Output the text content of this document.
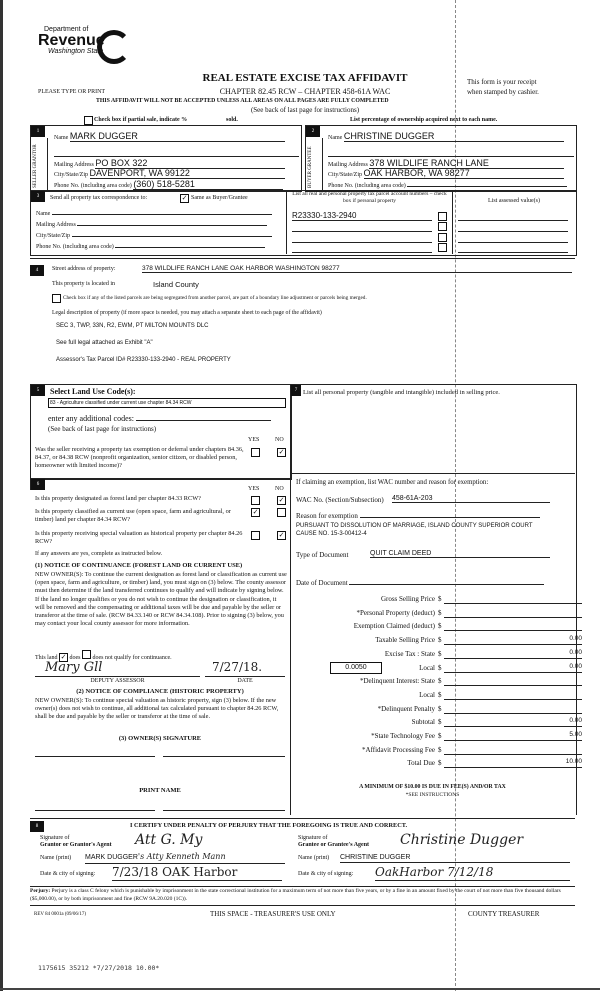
Department of
Revenue
Washington State
REAL ESTATE EXCISE TAX AFFIDAVIT
PLEASE TYPE OR PRINT	CHAPTER 82.45 RCW – CHAPTER 458-61A WAC
This form is your receipt
when stamped by cashier.
THIS AFFIDAVIT WILL NOT BE ACCEPTED UNLESS ALL AREAS ON ALL PAGES ARE FULLY COMPLETED
(See back of last page for instructions)
Check box if partial sale, indicate %	sold.	List percentage of ownership acquired next to each name.
1
SELLER GRANTOR
Name MARK DUGGER
Mailing Address PO BOX 322
City/State/Zip DAVENPORT, WA 99122
Phone No. (including area code) (360) 518-5281
2
BUYER GRANTEE
Name CHRISTINE DUGGER
Mailing Address 378 WILDLIFE RANCH LANE
City/State/Zip OAK HARBOR, WA 98277
Phone No. (including area code)
3	Send all property tax correspondence to:	✓ Same as Buyer/Grantee
Name
Mailing Address
City/State/Zip
Phone No. (including area code)
List all real and personal property tax parcel account numbers – check box if personal property	List assessed value(s)
R23330-133-2940
4	Street address of property:	378 WILDLIFE RANCH LANE OAK HARBOR WASHINGTON 98277
This property is located in	Island County
Check box if any of the listed parcels are being segregated from another parcel, are part of a boundary line adjustment or parcels being merged.
Legal description of property (if more space is needed, you may attach a separate sheet to each page of the affidavit)
SEC 3, TWP, 33N, R2, EWM, PT MILTON MOUNTS DLC
See full legal attached as Exhibit "A"
Assessor's Tax Parcel ID# R23330-133-2940 - REAL PROPERTY
5	Select Land Use Code(s):
83 - Agriculture classified under current use chapter 84.34 RCW
enter any additional codes:
(See back of last page for instructions)
YES	NO
Was the seller receiving a property tax exemption or deferral under chapters 84.36, 84.37, or 84.38 RCW (nonprofit organization, senior citizen, or disabled person, homeowner with limited income)?
✓
6
YES	NO
Is this property designated as forest land per chapter 84.33 RCW?	✓
Is this property classified as current use (open space, farm and agricultural, or timber) land per chapter 84.34 RCW?
✓
Is this property receiving special valuation as historical property per chapter 84.26 RCW?
✓
If any answers are yes, complete as instructed below.
(1) NOTICE OF CONTINUANCE (FOREST LAND OR CURRENT USE)
NEW OWNER(S): To continue the current designation as forest land or classification as current use (open space, farm and agriculture, or timber) land, you must sign on (3) below. The county assessor must then determine if the land transferred continues to qualify and will indicate by signing below. If the land no longer qualifies or you do not wish to continue the designation or classification, it will be removed and the compensating or additional taxes will be due and payable by the seller or transferor at the time of sale. (RCW 84.33.140 or RCW 84.34.108). Prior to signing (3) below, you may contact your local county assessor for more information.
This land ✓ does does not qualify for continuance.
Mary Gll	7/27/18.
DEPUTY ASSESSOR	DATE
(2) NOTICE OF COMPLIANCE (HISTORIC PROPERTY)
NEW OWNER(S): To continue special valuation as historic property, sign (3) below. If the new owner(s) does not wish to continue, all additional tax calculated pursuant to chapter 84.26 RCW, shall be due and payable by the seller or transferor at the time of sale.
(3) OWNER(S) SIGNATURE
PRINT NAME
7 List all personal property (tangible and intangible) included in selling price.
If claiming an exemption, list WAC number and reason for exemption:
WAC No. (Section/Subsection) 458-61A-203
Reason for exemption
PURSUANT TO DISSOLUTION OF MARRIAGE, ISLAND COUNTY SUPERIOR COURT CAUSE NO. 15-3-00412-4
Type of Document	QUIT CLAIM DEED
Date of Document
0.0050
Gross Selling Price $
*Personal Property (deduct) $
Exemption Claimed (deduct) $
Taxable Selling Price $	0.00
Excise Tax : State $	0.00
Local $	0.00
*Delinquent Interest: State $
Local $
*Delinquent Penalty $
Subtotal $	0.00
*State Technology Fee $	5.00
*Affidavit Processing Fee $
Total Due $	10.00
A MINIMUM OF $10.00 IS DUE IN FEE(S) AND/OR TAX
*SEE INSTRUCTIONS
8	I CERTIFY UNDER PENALTY OF PERJURY THAT THE FOREGOING IS TRUE AND CORRECT.
Signature of
Grantor or Grantor's Agent Att G. My
Name (print) MARK DUGGER's Atty Kenneth Mann
Date & city of signing: 7/23/18 OAK Harbor
Signature of
Grantee or Grantee's Agent Christine Dugger
Name (print) CHRISTINE DUGGER
Date & city of signing: OakHarbor 7/12/18
Perjury: Perjury is a class C felony which is punishable by imprisonment in the state correctional institution for a maximum term of not more than five years, or by a fine in an amount fixed by the court of not more than five thousand dollars ($5,000.00), or by both imprisonment and fine (RCW 9A.20.020 (1C)).
REV 84 0001a (09/06/17)	THIS SPACE - TREASURER'S USE ONLY	COUNTY TREASURER
1175615 35212 *7/27/2018 10.00*
